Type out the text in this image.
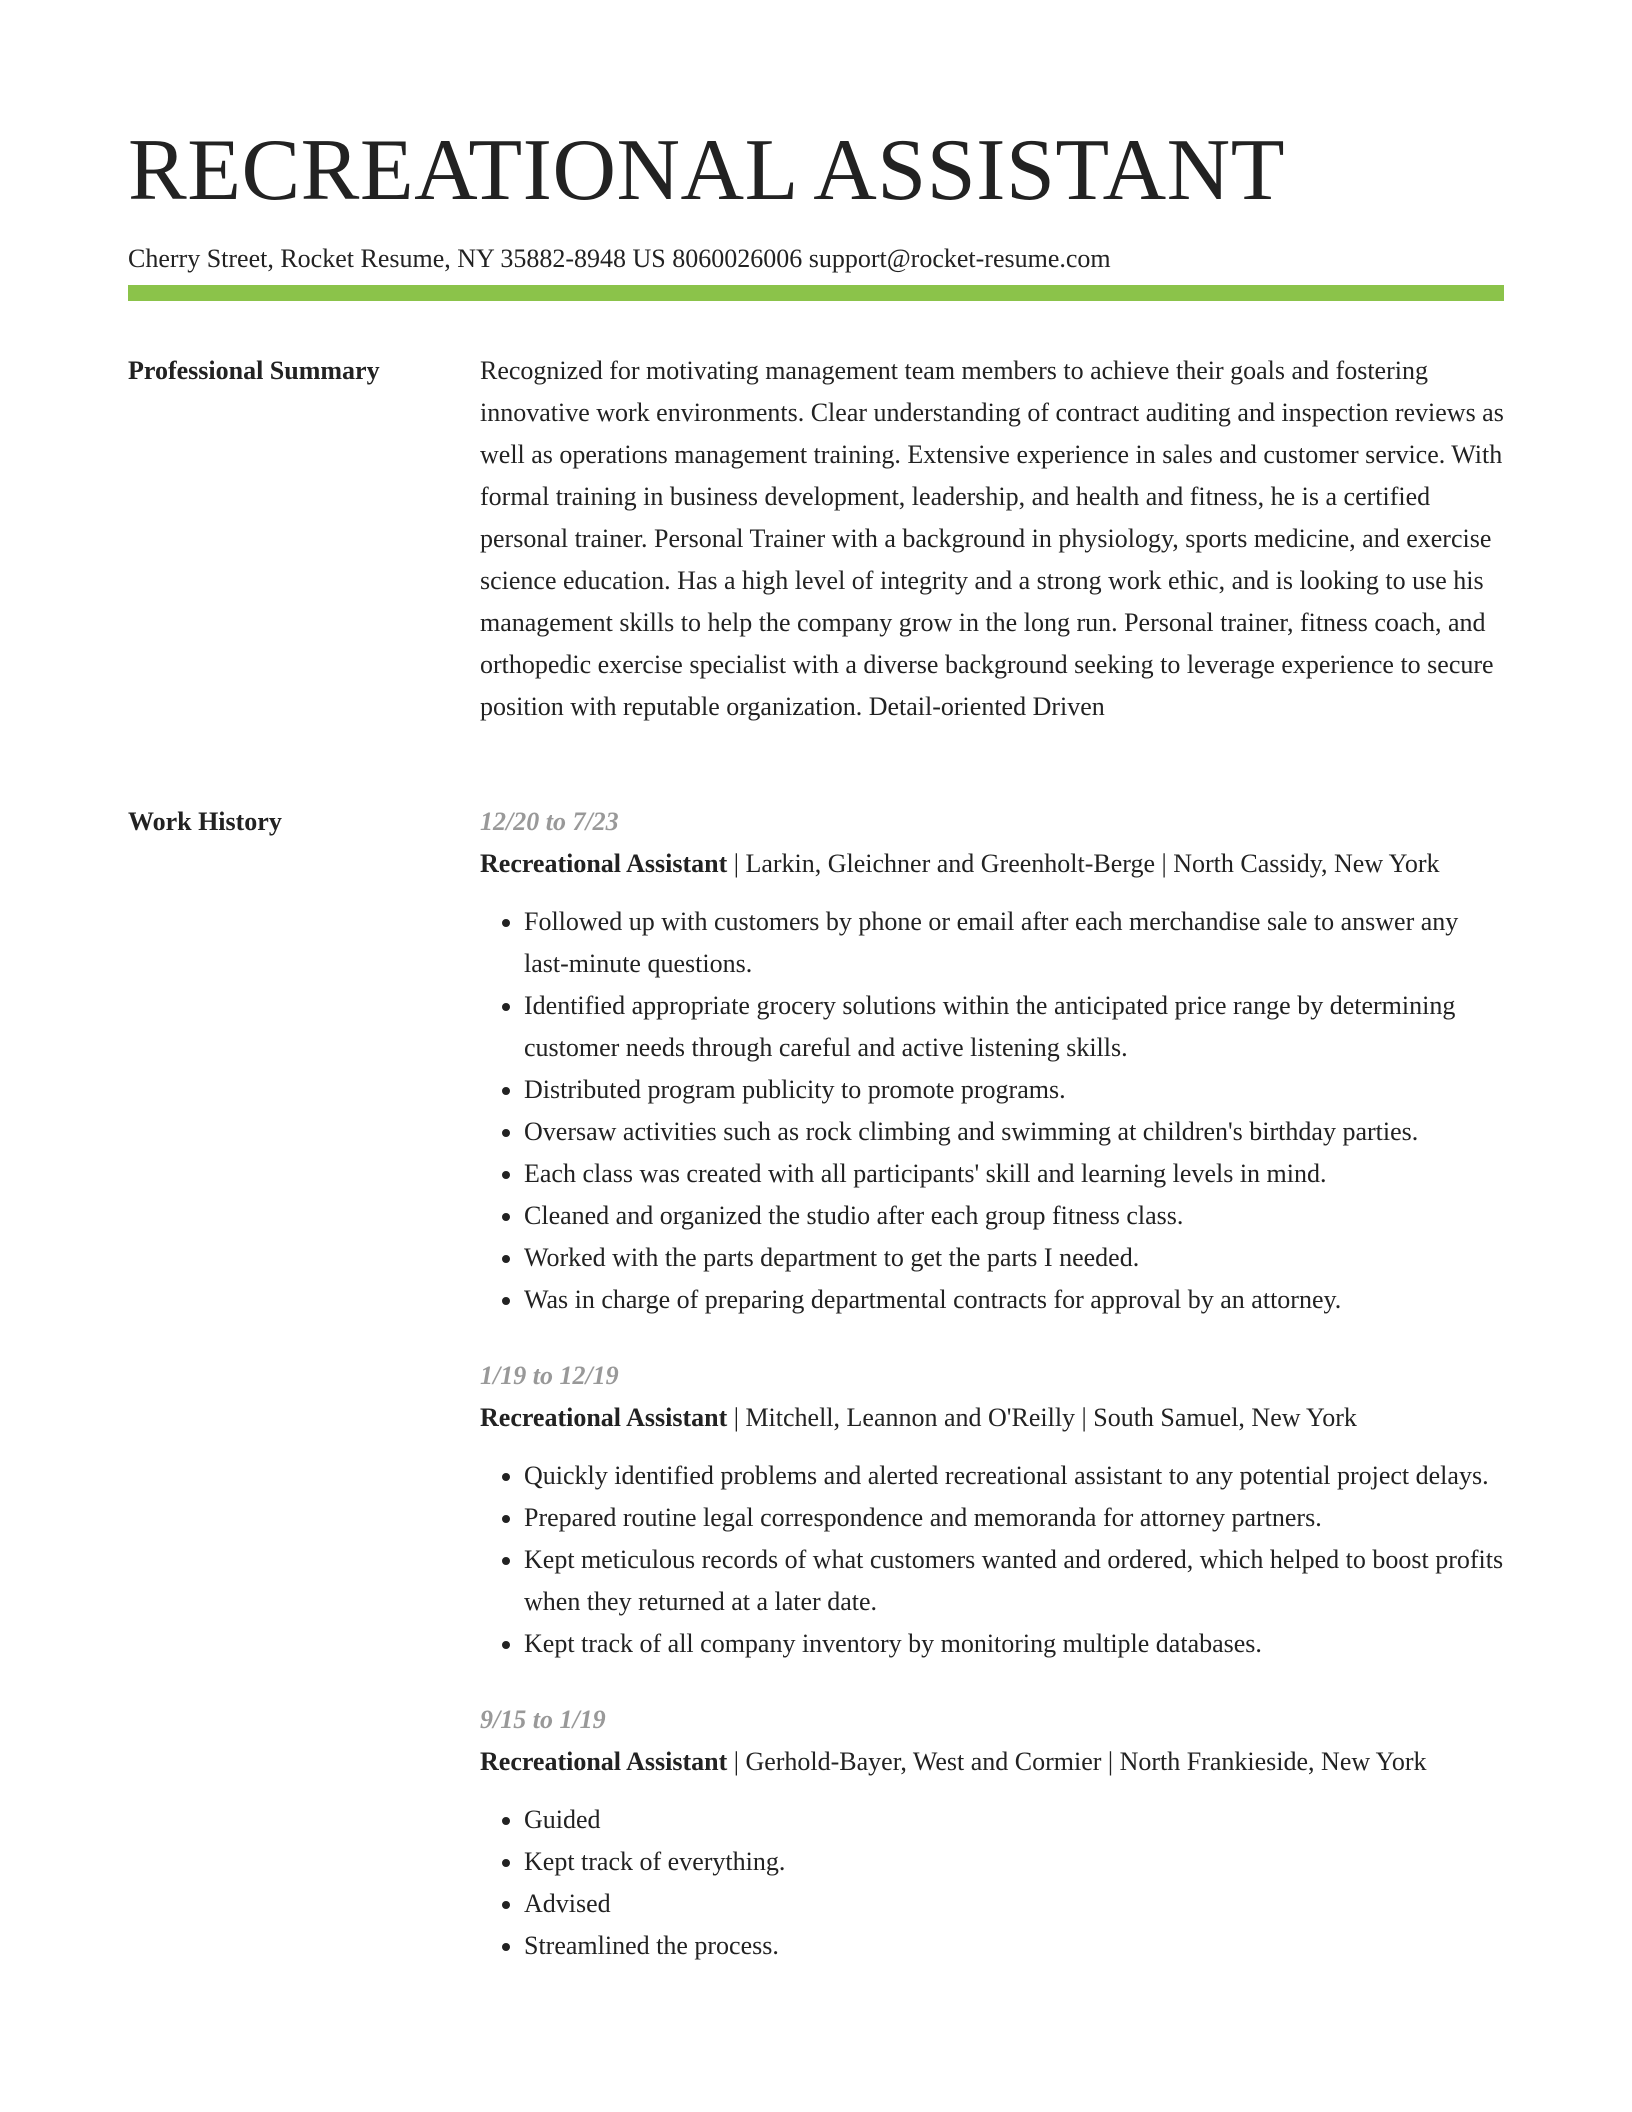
RECREATIONAL ASSISTANT
Cherry Street, Rocket Resume, NY 35882-8948 US 8060026006 support@rocket-resume.com
Professional Summary	Recognized for motivating management team members to achieve their goals and fostering innovative work environments. Clear understanding of contract auditing and inspection reviews as well as operations management training. Extensive experience in sales and customer service. With formal training in business development, leadership, and health and fitness, he is a certified personal trainer. Personal Trainer with a background in physiology, sports medicine, and exercise science education. Has a high level of integrity and a strong work ethic, and is looking to use his management skills to help the company grow in the long run. Personal trainer, fitness coach, and orthopedic exercise specialist with a diverse background seeking to leverage experience to secure position with reputable organization. Detail-oriented Driven

Work History	12/20 to 7/23
Recreational Assistant | Larkin, Gleichner and Greenholt-Berge | North Cassidy, New York
• Followed up with customers by phone or email after each merchandise sale to answer any last-minute questions.
• Identified appropriate grocery solutions within the anticipated price range by determining customer needs through careful and active listening skills.
• Distributed program publicity to promote programs.
• Oversaw activities such as rock climbing and swimming at children's birthday parties.
• Each class was created with all participants' skill and learning levels in mind.
• Cleaned and organized the studio after each group fitness class.
• Worked with the parts department to get the parts I needed.
• Was in charge of preparing departmental contracts for approval by an attorney.
1/19 to 12/19
Recreational Assistant | Mitchell, Leannon and O'Reilly | South Samuel, New York
• Quickly identified problems and alerted recreational assistant to any potential project delays.
• Prepared routine legal correspondence and memoranda for attorney partners.
• Kept meticulous records of what customers wanted and ordered, which helped to boost profits when they returned at a later date.
• Kept track of all company inventory by monitoring multiple databases.
9/15 to 1/19
Recreational Assistant | Gerhold-Bayer, West and Cormier | North Frankieside, New York
• Guided
• Kept track of everything.
• Advised
• Streamlined the process.
